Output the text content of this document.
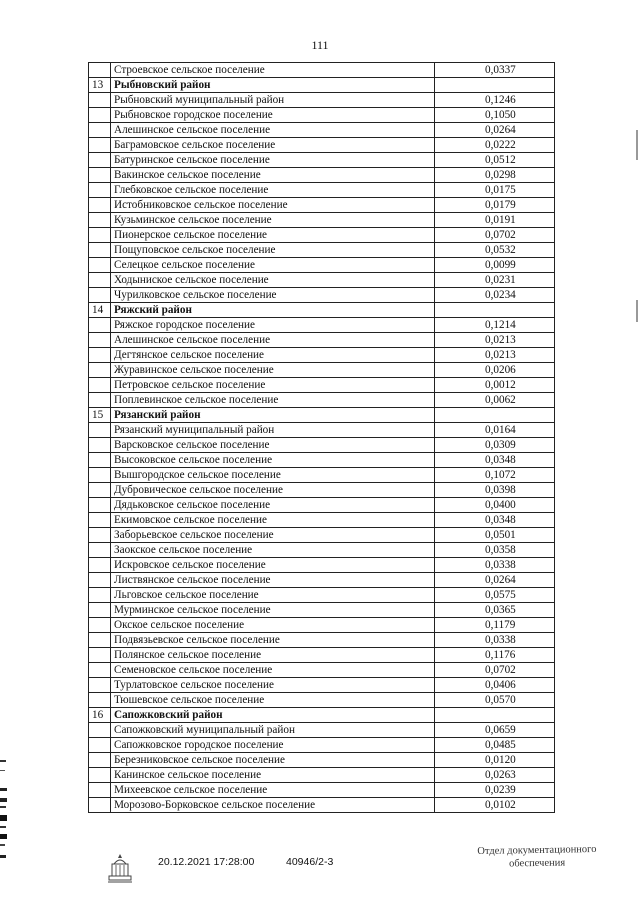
111
	Строевское сельское поселение	0,0337
13	Рыбновский район	
	Рыбновский муниципальный район	0,1246
	Рыбновское городское поселение	0,1050
	Алешинское сельское поселение	0,0264
	Баграмовское сельское поселение	0,0222
	Батуринское сельское поселение	0,0512
	Вакинское сельское поселение	0,0298
	Глебковское сельское поселение	0,0175
	Истобниковское сельское поселение	0,0179
	Кузьминское сельское поселение	0,0191
	Пионерское сельское поселение	0,0702
	Пощуповское сельское поселение	0,0532
	Селецкое сельское поселение	0,0099
	Ходыниское сельское поселение	0,0231
	Чурилковское сельское поселение	0,0234
14	Ряжский район	
	Ряжское городское поселение	0,1214
	Алешинское сельское поселение	0,0213
	Дегтянское сельское поселение	0,0213
	Журавинское сельское поселение	0,0206
	Петровское сельское поселение	0,0012
	Поплевинское сельское поселение	0,0062
15	Рязанский район	
	Рязанский муниципальный район	0,0164
	Варсковское сельское поселение	0,0309
	Высоковское сельское поселение	0,0348
	Вышгородское сельское поселение	0,1072
	Дубровическое сельское поселение	0,0398
	Дядьковское сельское поселение	0,0400
	Екимовское сельское поселение	0,0348
	Заборьевское сельское поселение	0,0501
	Заокское сельское поселение	0,0358
	Искровское сельское поселение	0,0338
	Листвянское сельское поселение	0,0264
	Льговское сельское поселение	0,0575
	Мурминское сельское поселение	0,0365
	Окское сельское поселение	0,1179
	Подвязьевское сельское поселение	0,0338
	Полянское сельское поселение	0,1176
	Семеновское сельское поселение	0,0702
	Турлатовское сельское поселение	0,0406
	Тюшевское сельское поселение	0,0570
16	Сапожковский район	
	Сапожковский муниципальный район	0,0659
	Сапожковское городское поселение	0,0485
	Березниковское сельское поселение	0,0120
	Канинское сельское поселение	0,0263
	Михеевское сельское поселение	0,0239
	Морозово-Борковское сельское поселение	0,0102
20.12.2021 17:28:00	40946/2-3
Отдел документационного
обеспечения
